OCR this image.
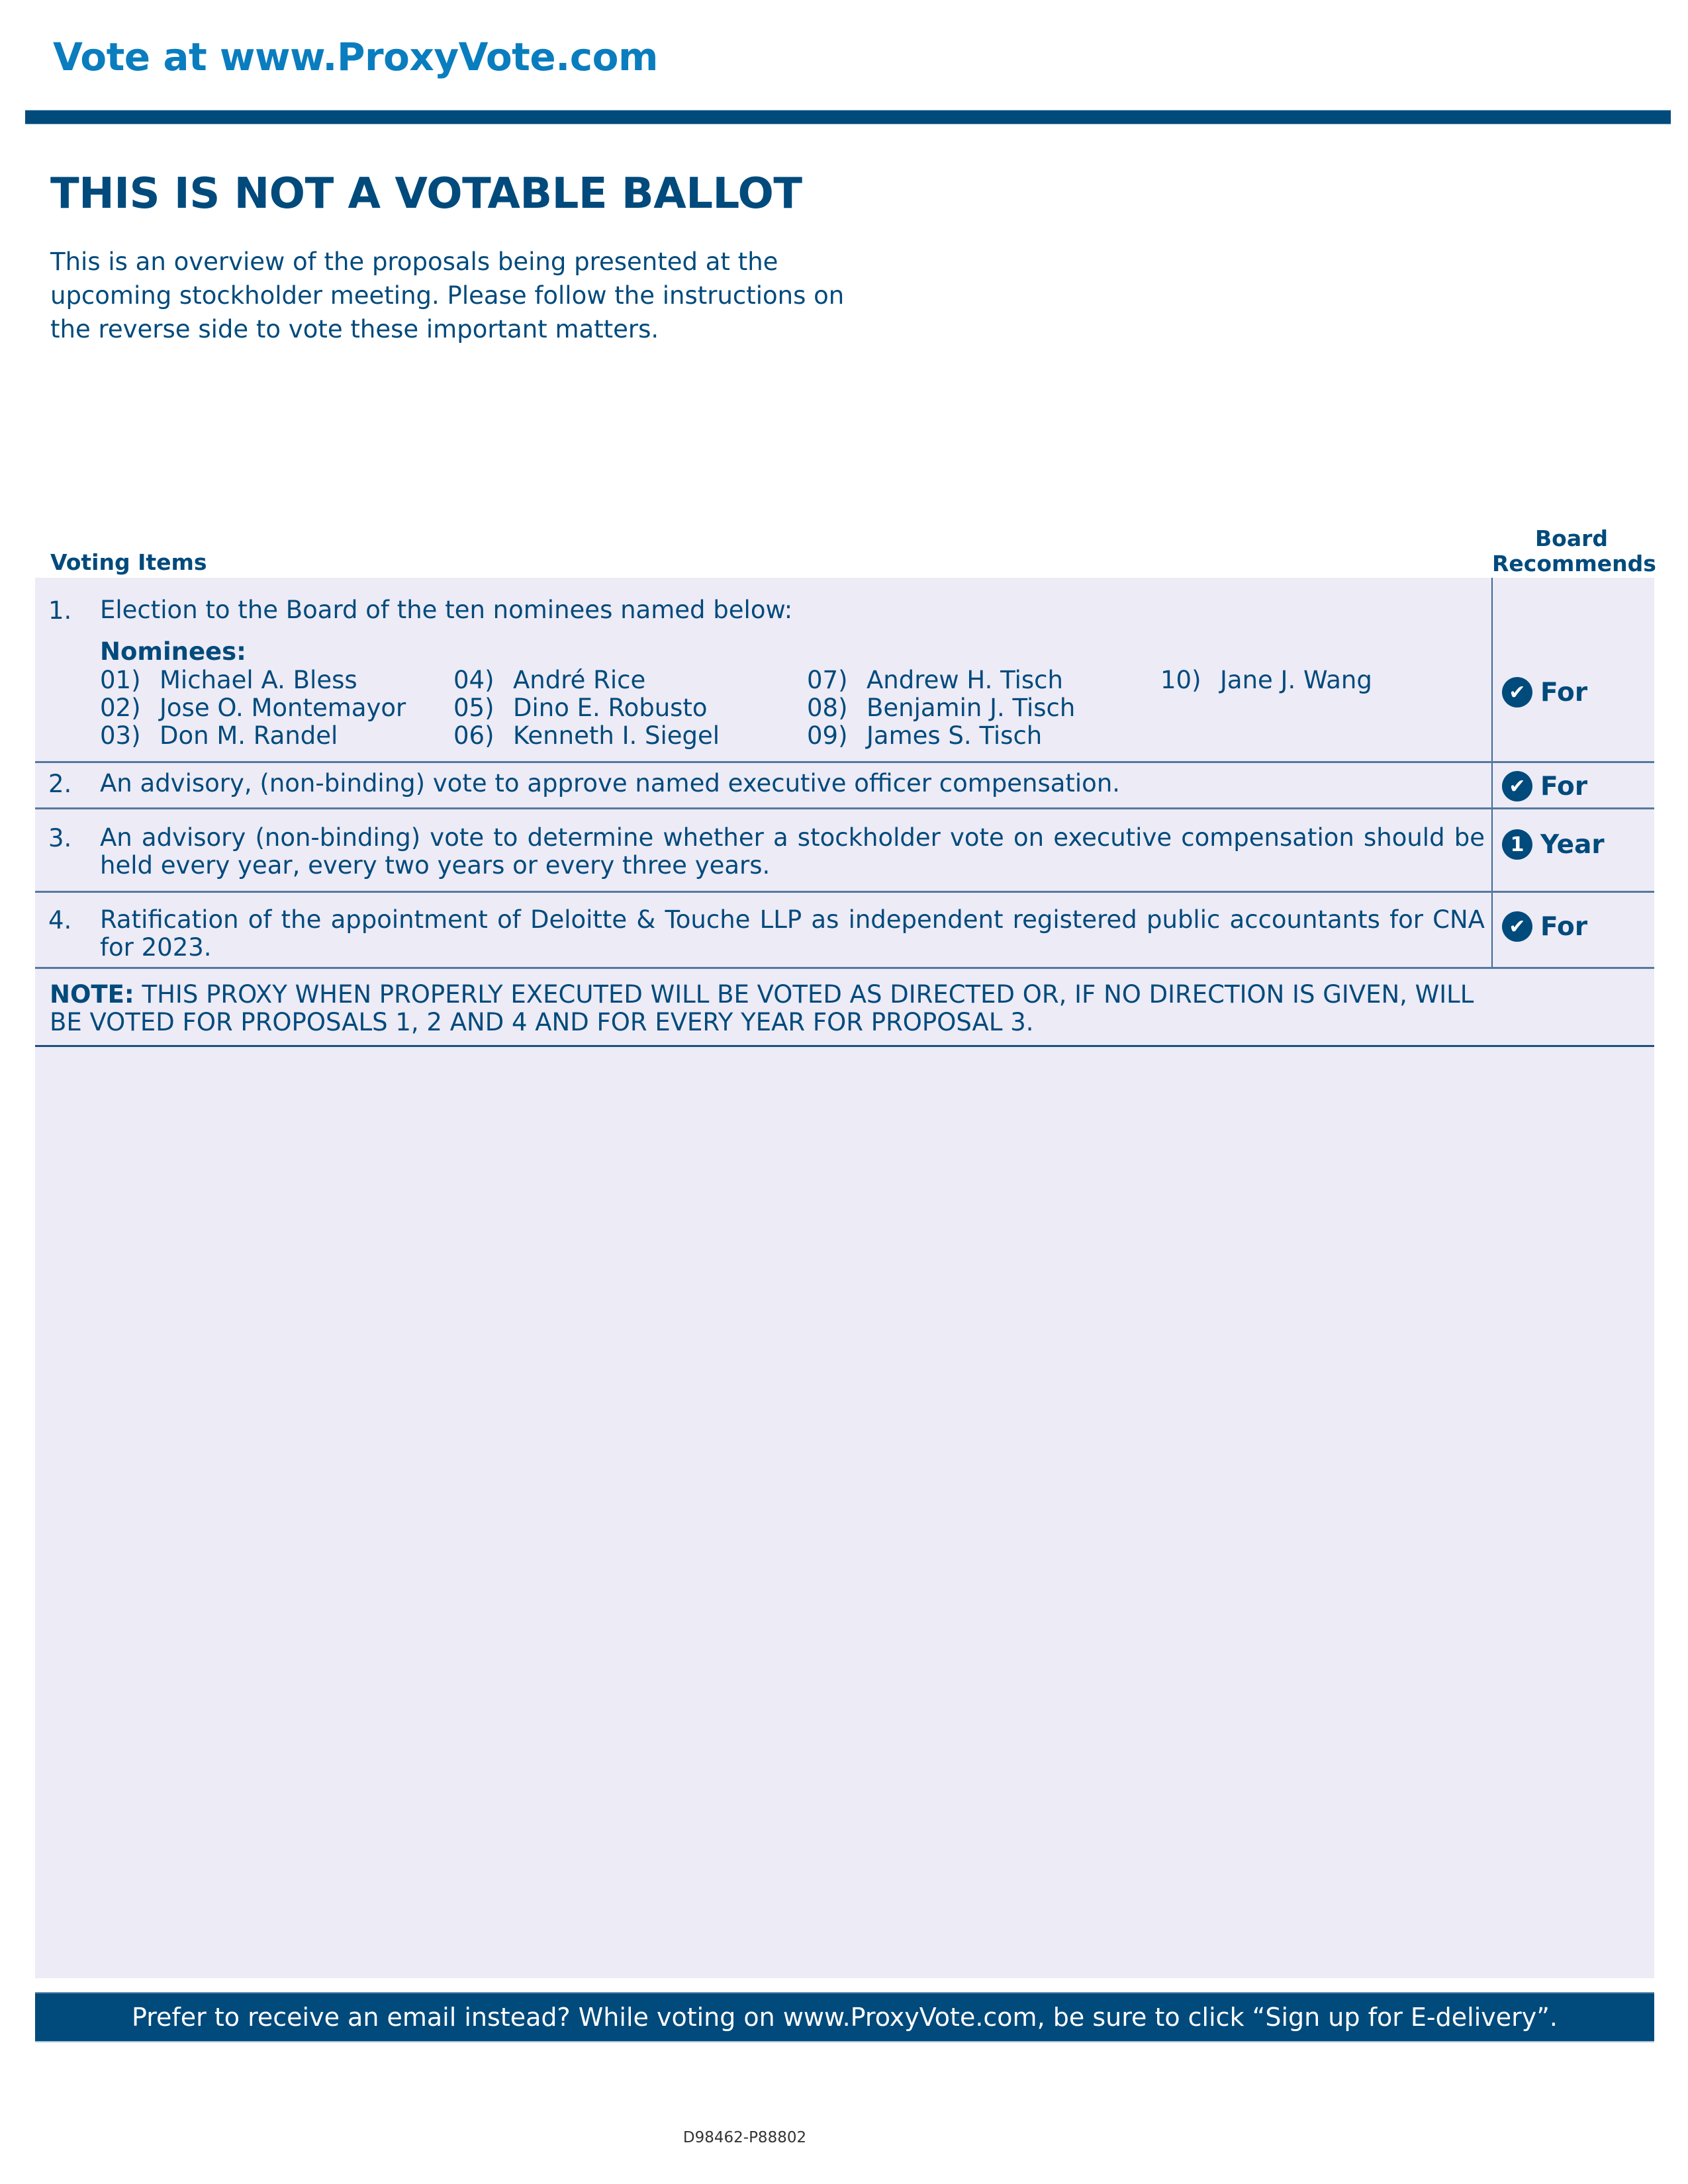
Vote at www.ProxyVote.com
THIS IS NOT A VOTABLE BALLOT
This is an overview of the proposals being presented at the
upcoming stockholder meeting. Please follow the instructions on
the reverse side to vote these important matters.
Voting Items
Board
Recommends
1. Election to the Board of the ten nominees named below:
Nominees:
01) Michael A. Bless
02) Jose O. Montemayor
03) Don M. Randel
04) André Rice
05) Dino E. Robusto
06) Kenneth I. Siegel
07) Andrew H. Tisch
08) Benjamin J. Tisch
09) James S. Tisch
10) Jane J. Wang	✔ For
2. An advisory, (non-binding) vote to approve named executive officer compensation.	✔ For
3. An advisory (non-binding) vote to determine whether a stockholder vote on executive compensation should be held every year, every two years or every three years.
1 Year
4. Ratification of the appointment of Deloitte & Touche LLP as independent registered public accountants for CNA for 2023.
✔ For
NOTE: THIS PROXY WHEN PROPERLY EXECUTED WILL BE VOTED AS DIRECTED OR, IF NO DIRECTION IS GIVEN, WILL BE VOTED FOR PROPOSALS 1, 2 AND 4 AND FOR EVERY YEAR FOR PROPOSAL 3.
Prefer to receive an email instead? While voting on www.ProxyVote.com, be sure to click “Sign up for E-delivery”.
D98462-P88802
